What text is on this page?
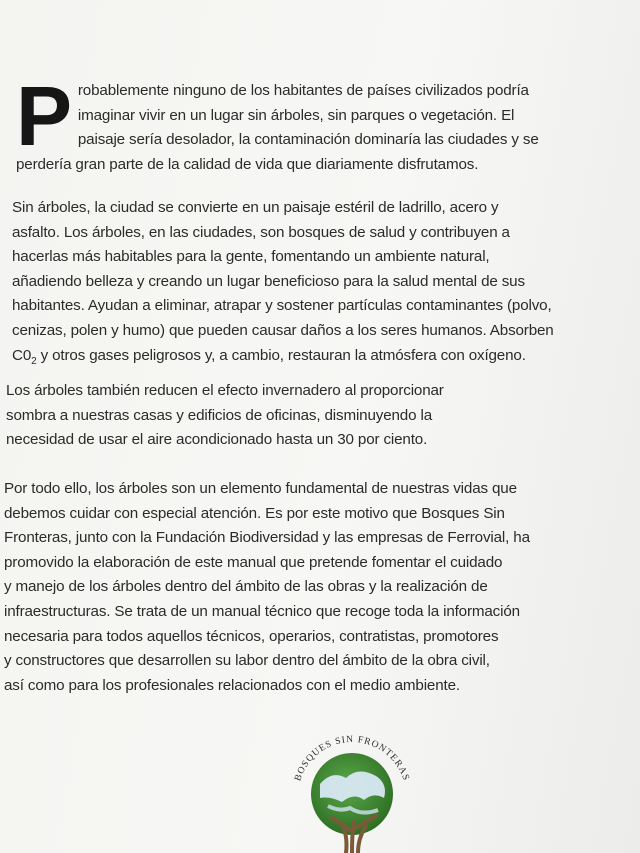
P robablemente ninguno de los habitantes de países civilizados podría
imaginar vivir en un lugar sin árboles, sin parques o vegetación. El
paisaje sería desolador, la contaminación dominaría las ciudades y se
perdería gran parte de la calidad de vida que diariamente disfrutamos.

Sin árboles, la ciudad se convierte en un paisaje estéril de ladrillo, acero y
asfalto. Los árboles, en las ciudades, son bosques de salud y contribuyen a
hacerlas más habitables para la gente, fomentando un ambiente natural,
añadiendo belleza y creando un lugar beneficioso para la salud mental de sus
habitantes. Ayudan a eliminar, atrapar y sostener partículas contaminantes (polvo,
cenizas, polen y humo) que pueden causar daños a los seres humanos. Absorben
$C0_2$ y otros gases peligrosos y, a cambio, restauran la atmósfera con oxígeno.

Los árboles también reducen el efecto invernadero al proporcionar
sombra a nuestras casas y edificios de oficinas, disminuyendo la
necesidad de usar el aire acondicionado hasta un 30 por ciento.

Por todo ello, los árboles son un elemento fundamental de nuestras vidas que
debemos cuidar con especial atención. Es por este motivo que Bosques Sin
Fronteras, junto con la Fundación Biodiversidad y las empresas de Ferrovial, ha
promovido la elaboración de este manual que pretende fomentar el cuidado
y manejo de los árboles dentro del ámbito de las obras y la realización de
infraestructuras. Se trata de un manual técnico que recoge toda la información
necesaria para todos aquellos técnicos, operarios, contratistas, promotores
y constructores que desarrollen su labor dentro del ámbito de la obra civil,
así como para los profesionales relacionados con el medio ambiente.

BOSQUES SIN FRONTERAS
